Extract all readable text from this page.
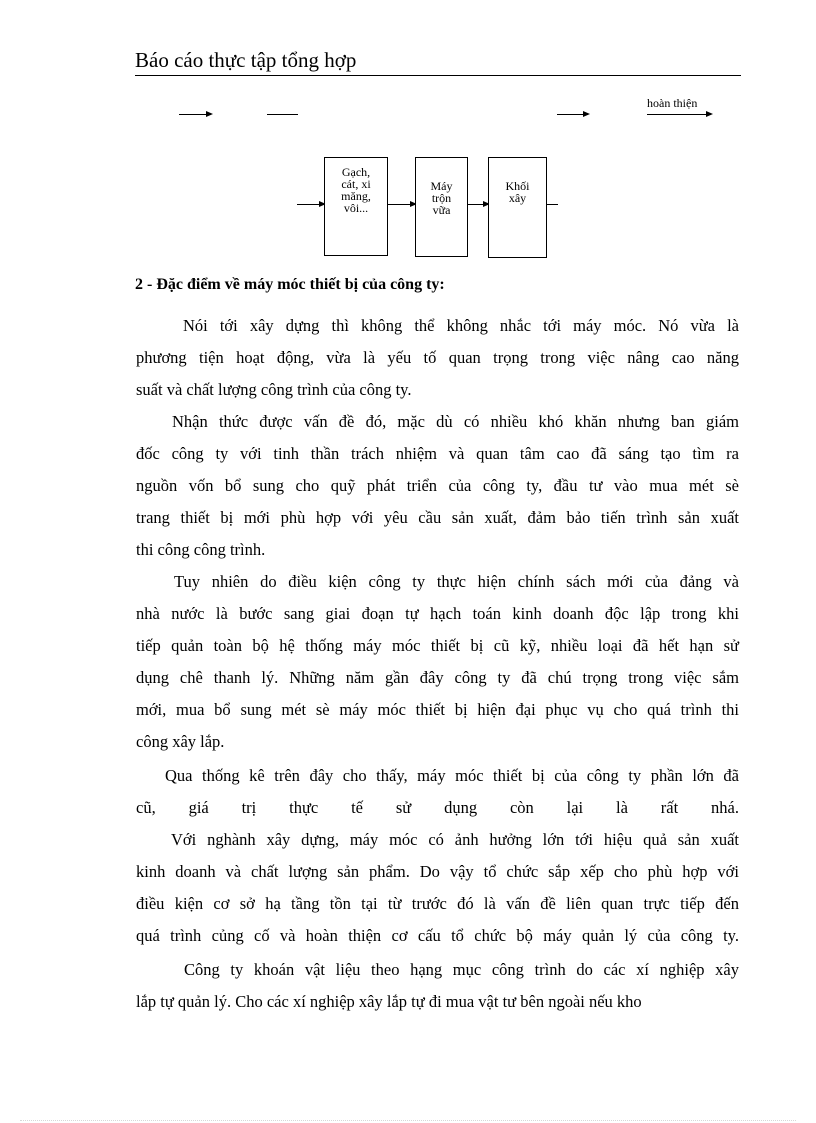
Báo cáo thực tập tổng hợp
hoàn thiện
Gạch,
cát, xi
măng,
vôi...
Máy
trộn
vữa
Khối
xây
2 - Đặc điểm về máy móc thiết bị của công ty:
Nói tới xây dựng thì không thể không nhắc tới máy móc. Nó vừa là
phương tiện hoạt động, vừa là yếu tố quan trọng trong việc nâng cao năng
suất và chất lượng công trình của công ty.
Nhận thức được vấn đề đó, mặc dù có nhiều khó khăn nhưng ban giám
đốc công ty với tinh thần trách nhiệm và quan tâm cao đã sáng tạo tìm ra
nguồn vốn bổ sung cho quỹ phát triển của công ty, đầu tư vào mua mét sè
trang thiết bị mới phù hợp với yêu cầu sản xuất, đảm bảo tiến trình sản xuất
thi công công trình.
Tuy nhiên do điều kiện công ty thực hiện chính sách mới của đảng và
nhà nước là bước sang giai đoạn tự hạch toán kinh doanh độc lập trong khi
tiếp quản toàn bộ hệ thống máy móc thiết bị cũ kỹ, nhiều loại đã hết hạn sử
dụng chê thanh lý. Những năm gần đây công ty đã chú trọng trong việc sắm
mới, mua bổ sung mét sè máy móc thiết bị hiện đại phục vụ cho quá trình thi
công xây lắp.
Qua thống kê trên đây cho thấy, máy móc thiết bị của công ty phần lớn đã
cũ, giá trị thực tế sử dụng còn lại là rất nhá.
Với nghành xây dựng, máy móc có ảnh hưởng lớn tới hiệu quả sản xuất
kinh doanh và chất lượng sản phẩm. Do vậy tổ chức sắp xếp cho phù hợp với
điều kiện cơ sở hạ tầng tồn tại từ trước đó là vấn đề liên quan trực tiếp đến
quá trình củng cố và hoàn thiện cơ cấu tổ chức bộ máy quản lý của công ty.
Công ty khoán vật liệu theo hạng mục công trình do các xí nghiệp xây
lắp tự quản lý. Cho các xí nghiệp xây lắp tự đi mua vật tư bên ngoài nếu kho
